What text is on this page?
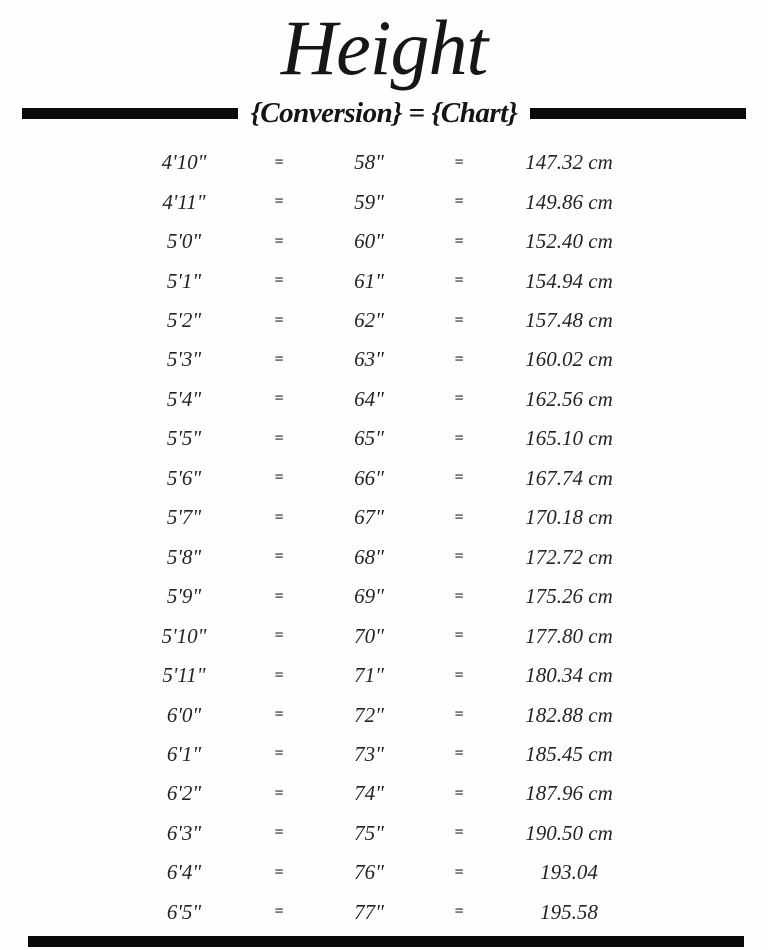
Height
{Conversion} = {Chart}
4'10"	=	58"	=	147.32 cm
4'11"	=	59"	=	149.86 cm
5'0"	=	60"	=	152.40 cm
5'1"	=	61"	=	154.94 cm
5'2"	=	62"	=	157.48 cm
5'3"	=	63"	=	160.02 cm
5'4"	=	64"	=	162.56 cm
5'5"	=	65"	=	165.10 cm
5'6"	=	66"	=	167.74 cm
5'7"	=	67"	=	170.18 cm
5'8"	=	68"	=	172.72 cm
5'9"	=	69"	=	175.26 cm
5'10"	=	70"	=	177.80 cm
5'11"	=	71"	=	180.34 cm
6'0"	=	72"	=	182.88 cm
6'1"	=	73"	=	185.45 cm
6'2"	=	74"	=	187.96 cm
6'3"	=	75"	=	190.50 cm
6'4"	=	76"	=	193.04
6'5"	=	77"	=	195.58
